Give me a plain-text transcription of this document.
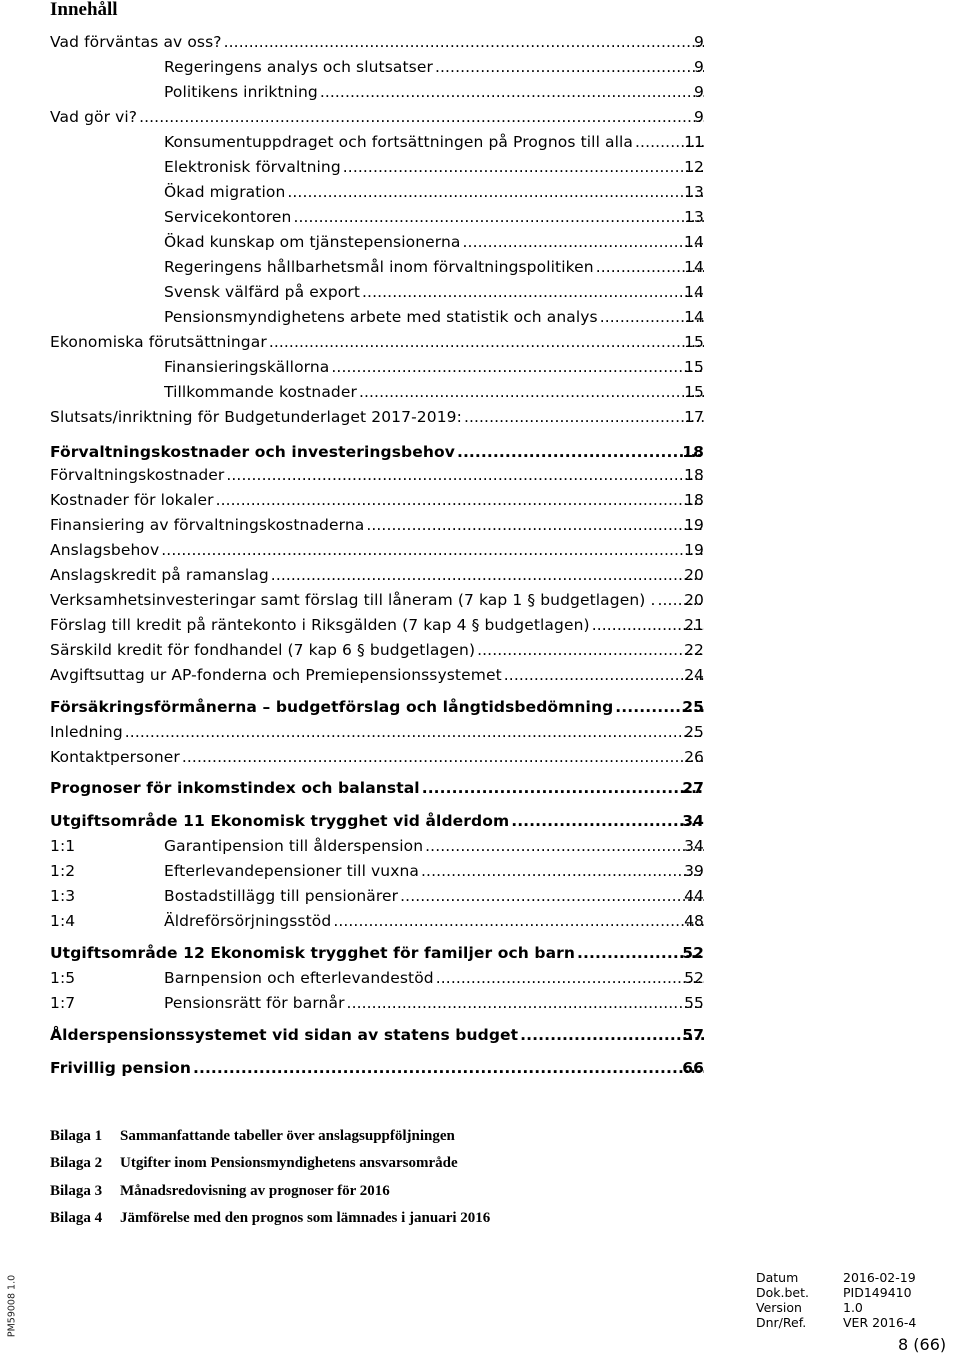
Innehåll
Vad förväntas av oss? .....	9
Regeringens analys och slutsatser .....	9
Politikens inriktning .....	9
Vad gör vi? .....	9
Konsumentuppdraget och fortsättningen på Prognos till alla .....	11
Elektronisk förvaltning .....	12
Ökad migration .....	13
Servicekontoren .....	13
Ökad kunskap om tjänstepensionerna .....	14
Regeringens hållbarhetsmål inom förvaltningspolitiken .....	14
Svensk välfärd på export .....	14
Pensionsmyndighetens arbete med statistik och analys .....	14
Ekonomiska förutsättningar .....	15
Finansieringskällorna .....	15
Tillkommande kostnader .....	15
Slutsats/inriktning för Budgetunderlaget 2017-2019: .....	17
Förvaltningskostnader och investeringsbehov .....	18
Förvaltningskostnader .....	18
Kostnader för lokaler .....	18
Finansiering av förvaltningskostnaderna .....	19
Anslagsbehov .....	19
Anslagskredit på ramanslag .....	20
Verksamhetsinvesteringar samt förslag till låneram (7 kap 1 § budgetlagen) . ..... 20
Förslag till kredit på räntekonto i Riksgälden (7 kap 4 § budgetlagen) .....	21
Särskild kredit för fondhandel (7 kap 6 § budgetlagen) .....	22
Avgiftsuttag ur AP-fonderna och Premiepensionssystemet .....	24
Försäkringsförmånerna – budgetförslag och långtidsbedömning .....	25
Inledning .....	25
Kontaktpersoner .....	26
Prognoser för inkomstindex och balanstal .....	27
Utgiftsområde 11 Ekonomisk trygghet vid ålderdom .....	34
1:1	Garantipension till ålderspension .....	34
1:2	Efterlevandepensioner till vuxna .....	39
1:3	Bostadstillägg till pensionärer .....	44
1:4	Äldreförsörjningsstöd .....	48
Utgiftsområde 12 Ekonomisk trygghet för familjer och barn .....	52
1:5	Barnpension och efterlevandestöd .....	52
1:7	Pensionsrätt för barnår .....	55
Ålderspensionssystemet vid sidan av statens budget .....	57
Frivillig pension .....	66
Bilaga 1 Sammanfattande tabeller över anslagsuppföljningen
Bilaga 2 Utgifter inom Pensionsmyndighetens ansvarsområde
Bilaga 3 Månadsredovisning av prognoser för 2016
Bilaga 4 Jämförelse med den prognos som lämnades i januari 2016
PM59008 1.0	Datum	2016-02-19
Dok.bet.	PID149410
Version	1.0
Dnr/Ref.	VER 2016-4
8 (66)
